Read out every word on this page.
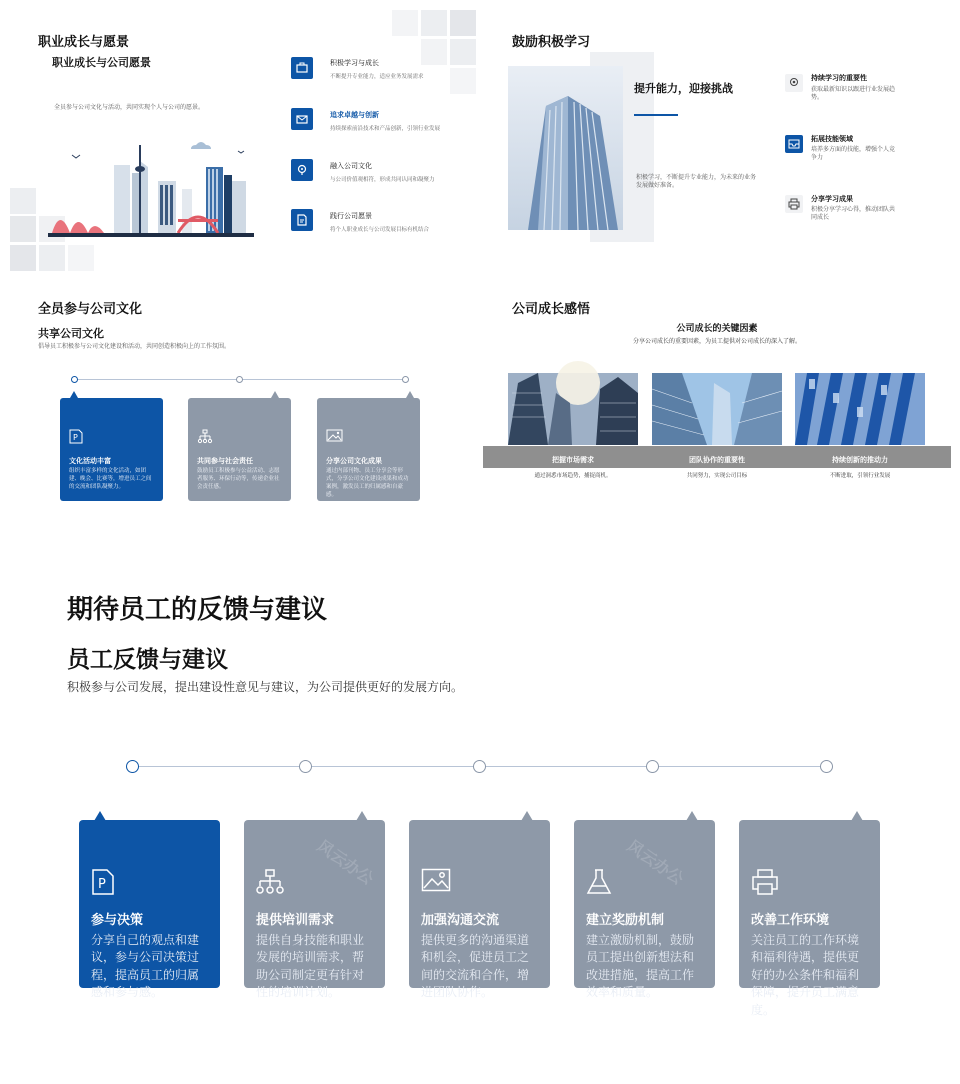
职业成长与愿景
职业成长与公司愿景
全员参与公司文化与活动，共同实现个人与公司的愿景。
积极学习与成长
不断提升专业能力，适应业务发展需求
追求卓越与创新
持续探索前沿技术和产品创新，引领行业发展
融入公司文化
与公司价值观相符，形成共同认同和凝聚力
践行公司愿景
将个人职业成长与公司发展目标有机结合
鼓励积极学习
提升能力，迎接挑战
积极学习，不断提升专业能力，为未来的业务发展做好准备。
持续学习的重要性
获取最新知识以跟进行业发展趋势。
拓展技能领域
培养多方面的技能，增强个人竞争力
分享学习成果
积极分享学习心得，推动团队共同成长
全员参与公司文化
共享公司文化
倡导员工积极参与公司文化建设和活动，共同创造积极向上的工作氛围。
P
文化活动丰富
组织丰富多样的文化活动，如团建、晚会、比赛等，增进员工之间的交流和团队凝聚力。
共同参与社会责任
鼓励员工积极参与公益活动、志愿者服务、环保行动等，传递企业社会责任感。
分享公司文化成果
通过内部刊物、员工分享会等形式，分享公司文化建设成果和成功案例，激发员工的归属感和自豪感。
公司成长感悟
公司成长的关键因素
分享公司成长的重要因素，为员工提供对公司成长的深入了解。
把握市场需求	团队协作的重要性	持续创新的推动力
通过洞悉市场趋势，捕捉商机。	共同努力，实现公司目标	不断进取，引领行业发展
期待员工的反馈与建议
员工反馈与建议
积极参与公司发展，提出建设性意见与建议，为公司提供更好的发展方向。
P
参与决策
分享自己的观点和建议，参与公司决策过程，提高员工的归属感和参与感。
风云办公
提供培训需求
提供自身技能和职业发展的培训需求，帮助公司制定更有针对性的培训计划。
加强沟通交流
提供更多的沟通渠道和机会，促进员工之间的交流和合作，增进团队协作。
风云办公
建立奖励机制
建立激励机制，鼓励员工提出创新想法和改进措施，提高工作效率和质量。
改善工作环境
关注员工的工作环境和福利待遇，提供更好的办公条件和福利保障，提升员工满意度。
